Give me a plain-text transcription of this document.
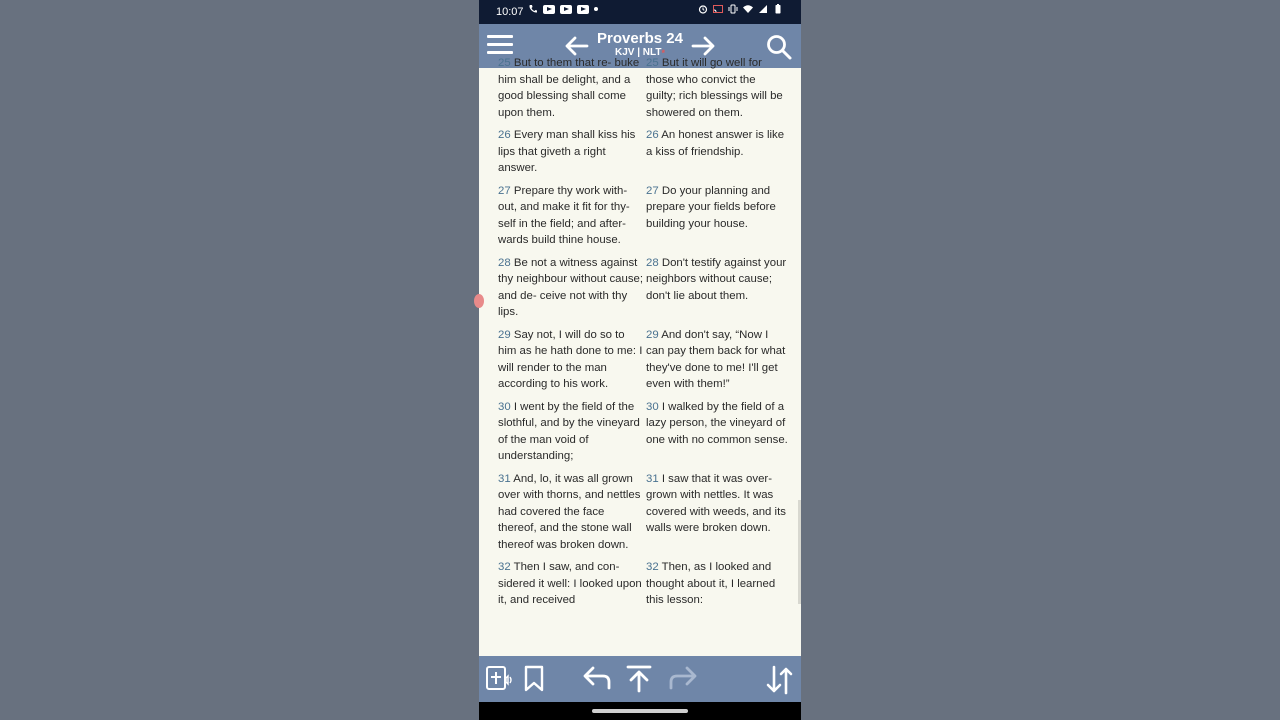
10:07
Proverbs 24
KJV | NLT*
25 But to them that re- buke him shall be delight, and a good blessing shall come upon them.
25 But it will go well for those who convict the guilty; rich blessings will be showered on them.
26 Every man shall kiss his lips that giveth a right answer.
26 An honest answer is like a kiss of friendship.
27 Prepare thy work with- out, and make it fit for thy- self in the field; and after- wards build thine house.
27 Do your planning and prepare your fields before building your house.
28 Be not a witness against thy neighbour without cause; and de- ceive not with thy lips.
28 Don't testify against your neighbors without cause; don't lie about them.
29 Say not, I will do so to him as he hath done to me: I will render to the man according to his work.
29 And don't say, “Now I can pay them back for what they've done to me! I'll get even with them!”
30 I went by the field of the slothful, and by the vineyard of the man void of understanding;
30 I walked by the field of a lazy person, the vineyard of one with no common sense.
31 And, lo, it was all grown over with thorns, and nettles had covered the face thereof, and the stone wall thereof was broken down.
31 I saw that it was over- grown with nettles. It was covered with weeds, and its walls were broken down.
32 Then I saw, and con- sidered it well: I looked upon it, and received
32 Then, as I looked and thought about it, I learned this lesson:
